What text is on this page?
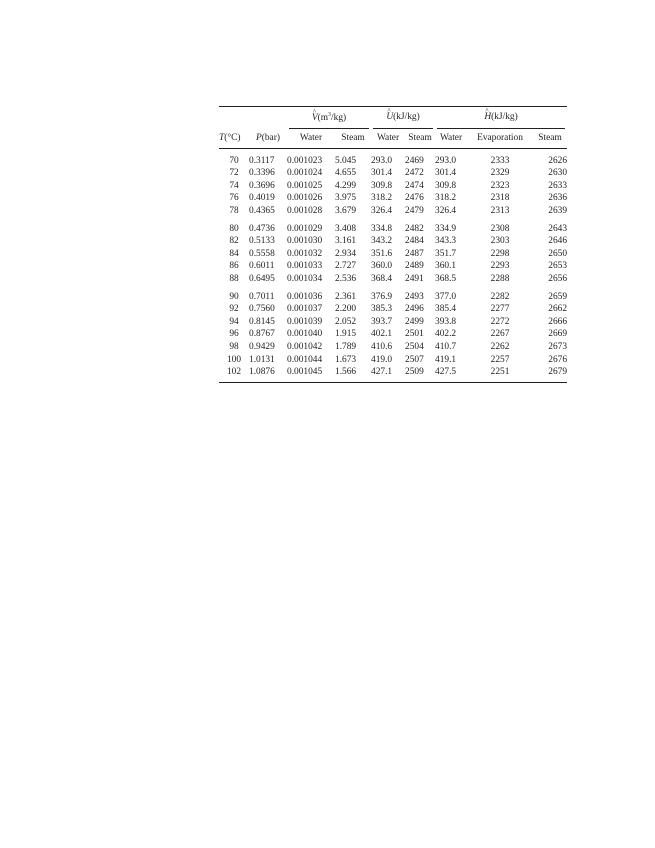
		^ $V(m^3/kg)$		^ U(kJ/kg)		^ H(kJ/kg)

T(°C)	P(bar)	Water	Steam	Water	Steam	Water	Evaporation	Steam
70	0.3117	0.001023	5.045	293.0	2469	293.0	2333	2626
72	0.3396	0.001024	4.655	301.4	2472	301.4	2329	2630
74	0.3696	0.001025	4.299	309.8	2474	309.8	2323	2633
76	0.4019	0.001026	3.975	318.2	2476	318.2	2318	2636
78	0.4365	0.001028	3.679	326.4	2479	326.4	2313	2639
80	0.4736	0.001029	3.408	334.8	2482	334.9	2308	2643
82	0.5133	0.001030	3.161	343.2	2484	343.3	2303	2646
84	0.5558	0.001032	2.934	351.6	2487	351.7	2298	2650
86	0.6011	0.001033	2.727	360.0	2489	360.1	2293	2653
88	0.6495	0.001034	2.536	368.4	2491	368.5	2288	2656
90	0.7011	0.001036	2.361	376.9	2493	377.0	2282	2659
92	0.7560	0.001037	2.200	385.3	2496	385.4	2277	2662
94	0.8145	0.001039	2.052	393.7	2499	393.8	2272	2666
96	0.8767	0.001040	1.915	402.1	2501	402.2	2267	2669
98	0.9429	0.001042	1.789	410.6	2504	410.7	2262	2673
100	1.0131	0.001044	1.673	419.0	2507	419.1	2257	2676
102	1.0876	0.001045	1.566	427.1	2509	427.5	2251	2679
